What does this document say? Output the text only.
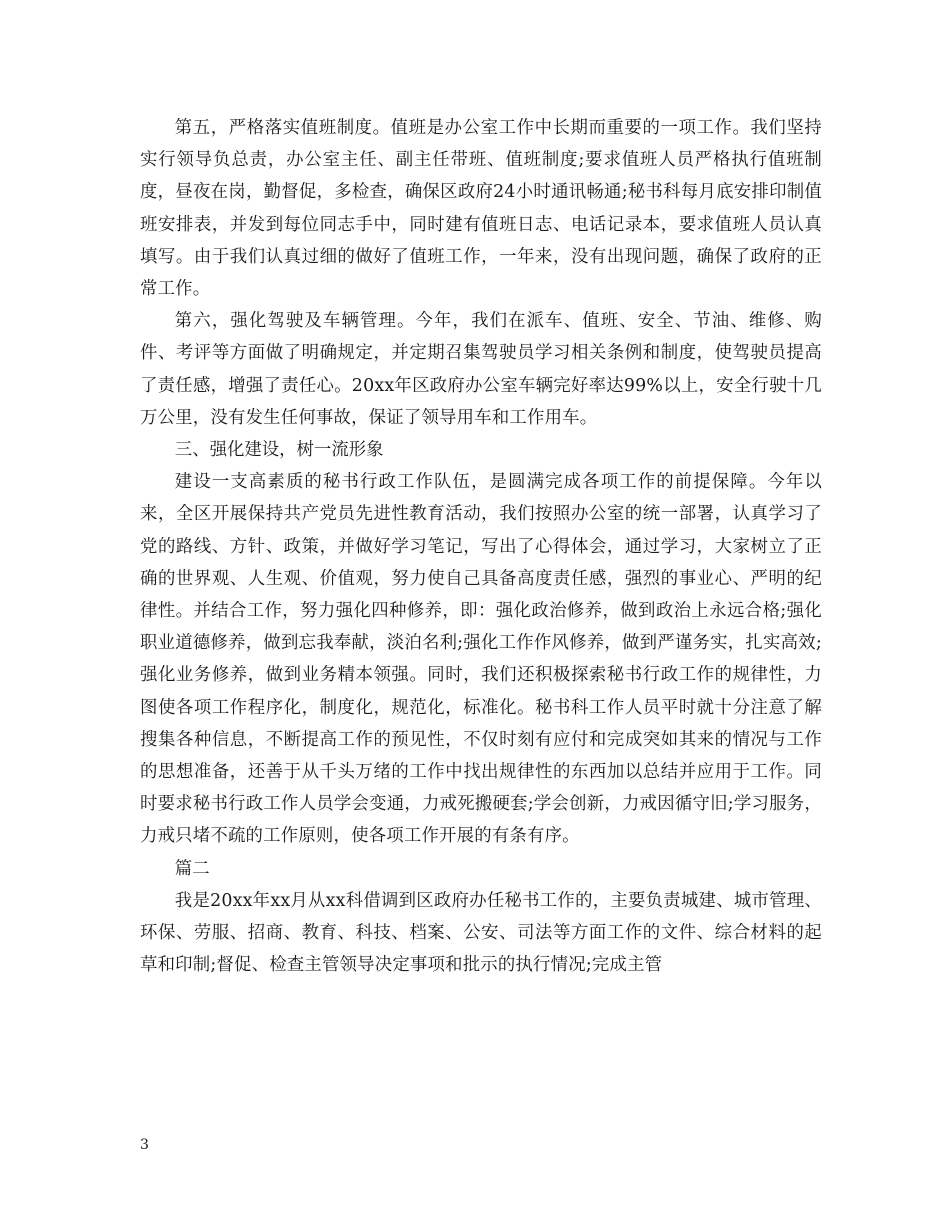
第五，严格落实值班制度。值班是办公室工作中长期而重要的一项工作。我们坚持实行领导负总责，办公室主任、副主任带班、值班制度;要求值班人员严格执行值班制度，昼夜在岗，勤督促，多检查，确保区政府24小时通讯畅通;秘书科每月底安排印制值班安排表，并发到每位同志手中，同时建有值班日志、电话记录本，要求值班人员认真填写。由于我们认真过细的做好了值班工作，一年来，没有出现问题，确保了政府的正常工作。

第六，强化驾驶及车辆管理。今年，我们在派车、值班、安全、节油、维修、购件、考评等方面做了明确规定，并定期召集驾驶员学习相关条例和制度，使驾驶员提高了责任感，增强了责任心。20xx年区政府办公室车辆完好率达99%以上，安全行驶十几万公里，没有发生任何事故，保证了领导用车和工作用车。

三、强化建设，树一流形象

建设一支高素质的秘书行政工作队伍，是圆满完成各项工作的前提保障。今年以来，全区开展保持共产党员先进性教育活动，我们按照办公室的统一部署，认真学习了党的路线、方针、政策，并做好学习笔记，写出了心得体会，通过学习，大家树立了正确的世界观、人生观、价值观，努力使自己具备高度责任感，强烈的事业心、严明的纪律性。并结合工作，努力强化四种修养，即：强化政治修养，做到政治上永远合格;强化职业道德修养，做到忘我奉献，淡泊名利;强化工作作风修养，做到严谨务实，扎实高效;强化业务修养，做到业务精本领强。同时，我们还积极探索秘书行政工作的规律性，力图使各项工作程序化，制度化，规范化，标准化。秘书科工作人员平时就十分注意了解搜集各种信息，不断提高工作的预见性，不仅时刻有应付和完成突如其来的情况与工作的思想准备，还善于从千头万绪的工作中找出规律性的东西加以总结并应用于工作。同时要求秘书行政工作人员学会变通，力戒死搬硬套;学会创新，力戒因循守旧;学习服务，力戒只堵不疏的工作原则，使各项工作开展的有条有序。

篇二

我是20xx年xx月从xx科借调到区政府办任秘书工作的，主要负责城建、城市管理、环保、劳服、招商、教育、科技、档案、公安、司法等方面工作的文件、综合材料的起草和印制;督促、检查主管领导决定事项和批示的执行情况;完成主管

3
